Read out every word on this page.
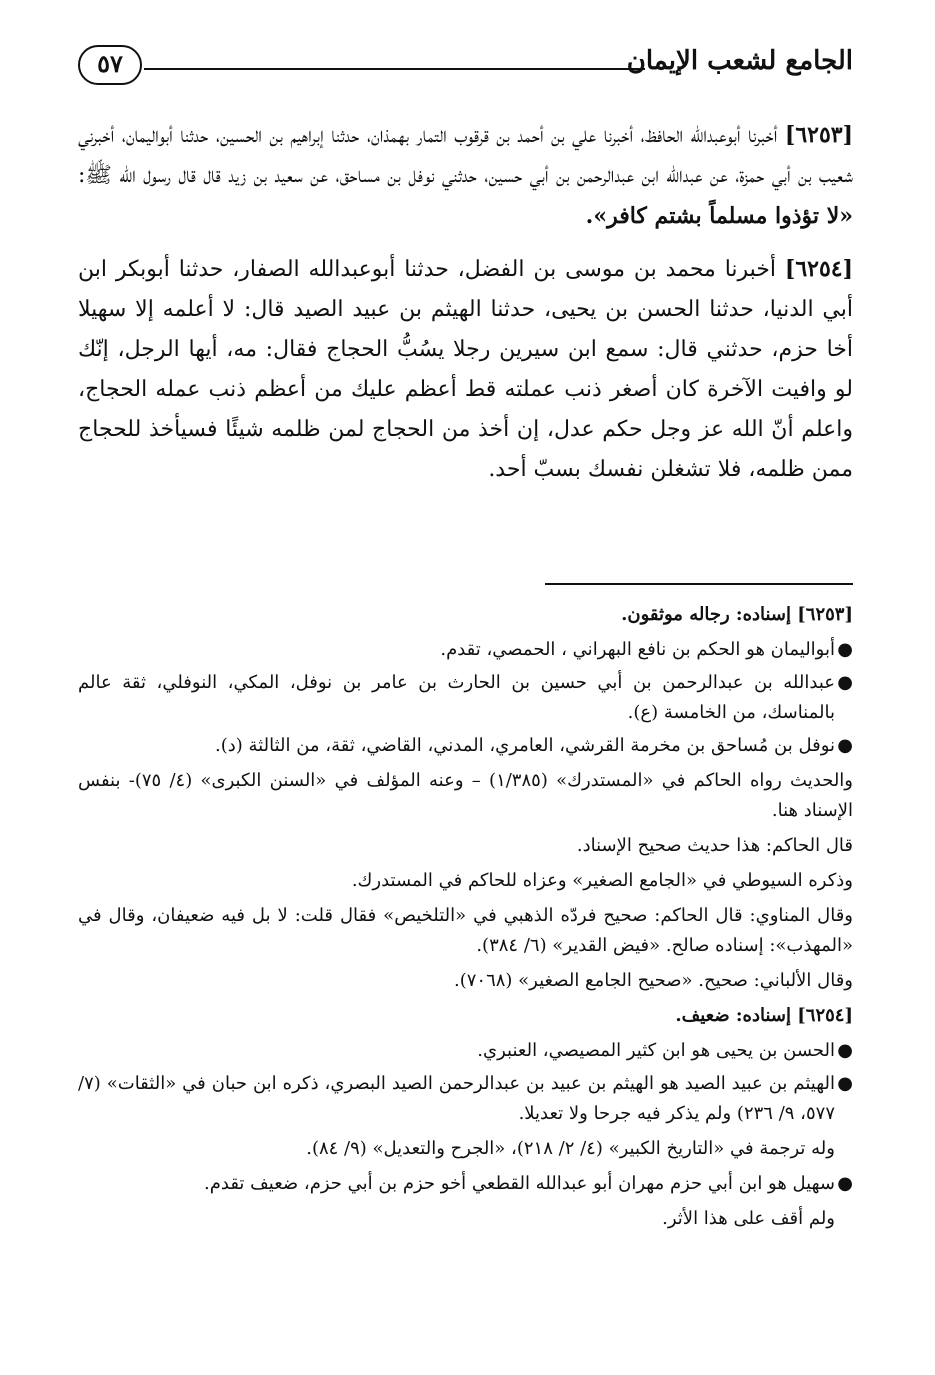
الجامع لشعب الإيمان
٥٧

[٦٢٥٣] أخبرنا أبوعبدالله الحافظ، أخبرنا علي بن أحمد بن قرقوب التمار بهمذان، حدثنا إبراهيم بن الحسين، حدثنا أبواليمان، أخبرني شعيب بن أبي حمزة، عن عبدالله ابن عبدالرحمن بن أبي حسين، حدثني نوفل بن مساحق، عن سعيد بن زيد قال قال رسول الله ﷺ: «لا تؤذوا مسلماً بشتم كافر».

[٦٢٥٤] أخبرنا محمد بن موسى بن الفضل، حدثنا أبوعبدالله الصفار، حدثنا أبوبكر ابن أبي الدنيا، حدثنا الحسن بن يحيى، حدثنا الهيثم بن عبيد الصيد قال: لا أعلمه إلا سهيلا أخا حزم، حدثني قال: سمع ابن سيرين رجلا يسُبُّ الحجاج فقال: مه، أيها الرجل، إنّك لو وافيت الآخرة كان أصغر ذنب عملته قط أعظم عليك من أعظم ذنب عمله الحجاج، واعلم أنّ الله عز وجل حكم عدل، إن أخذ من الحجاج لمن ظلمه شيئًا فسيأخذ للحجاج ممن ظلمه، فلا تشغلن نفسك بسبّ أحد.

[٦٢٥٣] إسناده: رجاله موثقون.

●
أبواليمان هو الحكم بن نافع البهراني ، الحمصي، تقدم.
●
عبدالله بن عبدالرحمن بن أبي حسين بن الحارث بن عامر بن نوفل، المكي، النوفلي، ثقة عالم بالمناسك، من الخامسة (ع).
●
نوفل بن مُساحق بن مخرمة القرشي، العامري، المدني، القاضي، ثقة، من الثالثة (د).

والحديث رواه الحاكم في «المستدرك» (١/٣٨٥) – وعنه المؤلف في «السنن الكبرى» (٤/ ٧٥)- بنفس الإسناد هنا.

قال الحاكم: هذا حديث صحيح الإسناد.

وذكره السيوطي في «الجامع الصغير» وعزاه للحاكم في المستدرك.

وقال المناوي: قال الحاكم: صحيح فردّه الذهبي في «التلخيص» فقال قلت: لا بل فيه ضعيفان، وقال في «المهذب»: إسناده صالح. «فيض القدير» (٦/ ٣٨٤).

وقال الألباني: صحيح. «صحيح الجامع الصغير» (٧٠٦٨).

[٦٢٥٤] إسناده: ضعيف.

●
الحسن بن يحيى هو ابن كثير المصيصي، العنبري.
●
الهيثم بن عبيد الصيد هو الهيثم بن عبيد بن عبدالرحمن الصيد البصري، ذكره ابن حبان في «الثقات» (٧/ ٥٧٧، ٩/ ٢٣٦) ولم يذكر فيه جرحا ولا تعديلا.

وله ترجمة في «التاريخ الكبير» (٤/ ٢/ ٢١٨)، «الجرح والتعديل» (٩/ ٨٤).

●
سهيل هو ابن أبي حزم مهران أبو عبدالله القطعي أخو حزم بن أبي حزم، ضعيف تقدم.

ولم أقف على هذا الأثر.
